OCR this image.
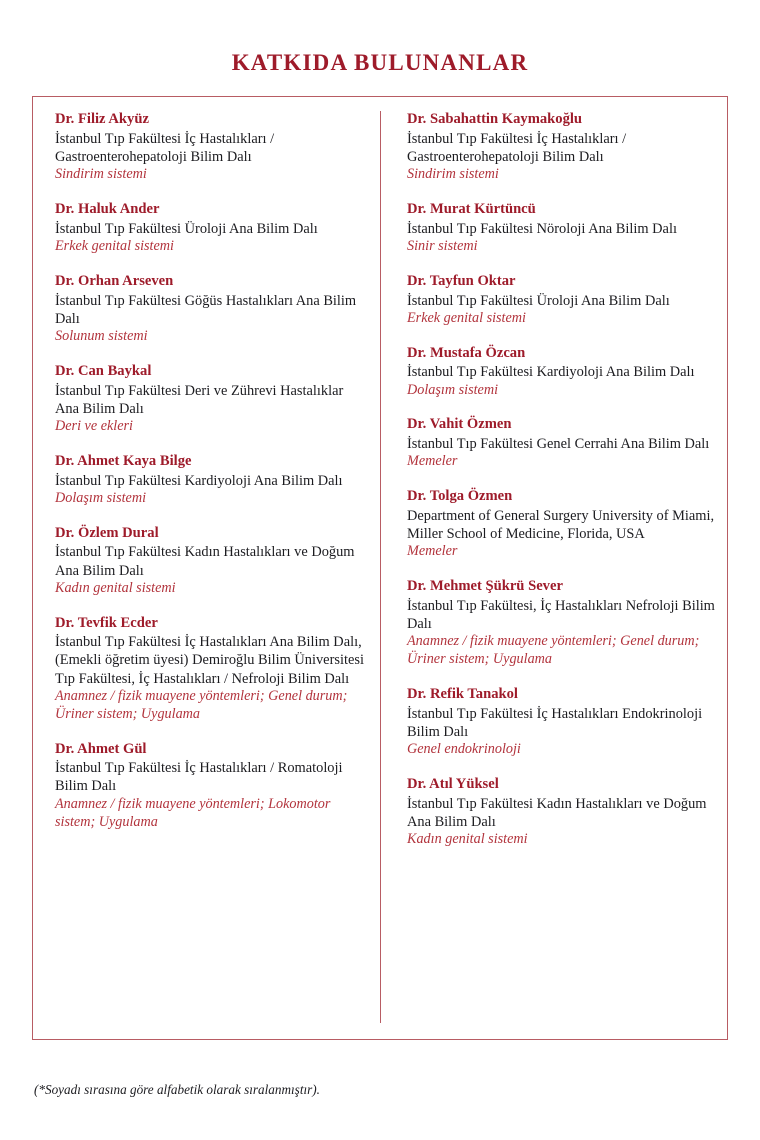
KATKIDA BULUNANLAR
Dr. Filiz Akyüz
İstanbul Tıp Fakültesi İç Hastalıkları / Gastroenterohepatoloji Bilim Dalı
Sindirim sistemi
Dr. Haluk Ander
İstanbul Tıp Fakültesi Üroloji Ana Bilim Dalı
Erkek genital sistemi
Dr. Orhan Arseven
İstanbul Tıp Fakültesi Göğüs Hastalıkları Ana Bilim Dalı
Solunum sistemi
Dr. Can Baykal
İstanbul Tıp Fakültesi Deri ve Zührevi Hastalıklar Ana Bilim Dalı
Deri ve ekleri
Dr. Ahmet Kaya Bilge
İstanbul Tıp Fakültesi Kardiyoloji Ana Bilim Dalı
Dolaşım sistemi
Dr. Özlem Dural
İstanbul Tıp Fakültesi Kadın Hastalıkları ve Doğum Ana Bilim Dalı
Kadın genital sistemi
Dr. Tevfik Ecder
İstanbul Tıp Fakültesi İç Hastalıkları Ana Bilim Dalı, (Emekli öğretim üyesi) Demiroğlu Bilim Üniversitesi Tıp Fakültesi, İç Hastalıkları / Nefroloji Bilim Dalı
Anamnez / fizik muayene yöntemleri; Genel durum; Üriner sistem; Uygulama
Dr. Ahmet Gül
İstanbul Tıp Fakültesi İç Hastalıkları / Romatoloji Bilim Dalı
Anamnez / fizik muayene yöntemleri; Lokomotor sistem; Uygulama
Dr. Sabahattin Kaymakoğlu
İstanbul Tıp Fakültesi İç Hastalıkları / Gastroenterohepatoloji Bilim Dalı
Sindirim sistemi
Dr. Murat Kürtüncü
İstanbul Tıp Fakültesi Nöroloji Ana Bilim Dalı
Sinir sistemi
Dr. Tayfun Oktar
İstanbul Tıp Fakültesi Üroloji Ana Bilim Dalı
Erkek genital sistemi
Dr. Mustafa Özcan
İstanbul Tıp Fakültesi Kardiyoloji Ana Bilim Dalı
Dolaşım sistemi
Dr. Vahit Özmen
İstanbul Tıp Fakültesi Genel Cerrahi Ana Bilim Dalı
Memeler
Dr. Tolga Özmen
Department of General Surgery University of Miami, Miller School of Medicine, Florida, USA
Memeler
Dr. Mehmet Şükrü Sever
İstanbul Tıp Fakültesi, İç Hastalıkları Nefroloji Bilim Dalı
Anamnez / fizik muayene yöntemleri; Genel durum; Üriner sistem; Uygulama
Dr. Refik Tanakol
İstanbul Tıp Fakültesi İç Hastalıkları Endokrinoloji Bilim Dalı
Genel endokrinoloji
Dr. Atıl Yüksel
İstanbul Tıp Fakültesi Kadın Hastalıkları ve Doğum Ana Bilim Dalı
Kadın genital sistemi
(*Soyadı sırasına göre alfabetik olarak sıralanmıştır).
